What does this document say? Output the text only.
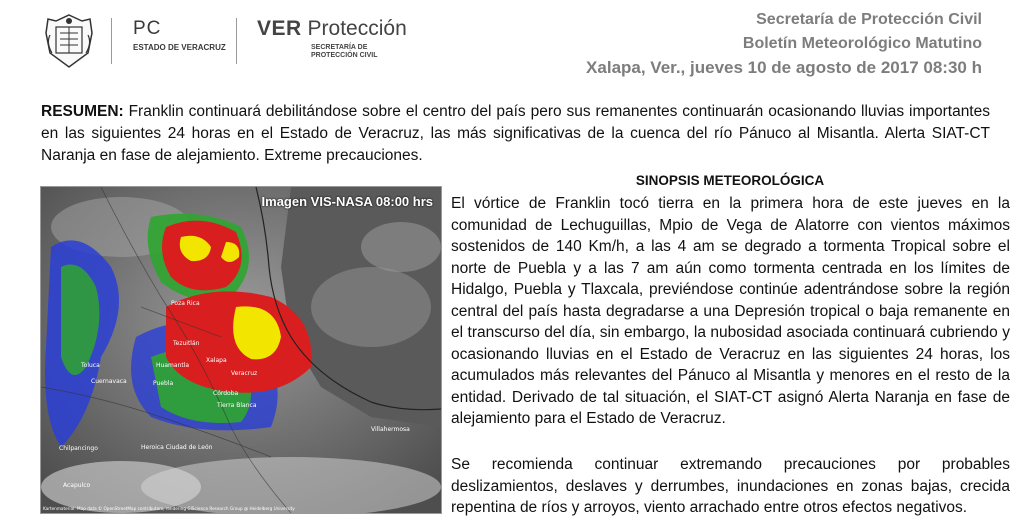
PC
ESTADO DE VERACRUZ
VER Protección
SECRETARÍA DE
PROTECCIÓN CIVIL
Secretaría de Protección Civil
Boletín Meteorológico Matutino
Xalapa, Ver., jueves 10 de agosto de 2017 08:30 h
RESUMEN: Franklin continuará debilitándose sobre el centro del país pero sus remanentes continuarán ocasionando lluvias importantes en las siguientes 24 horas en el Estado de Veracruz, las más significativas de la cuenca del río Pánuco al Misantla. Alerta SIAT-CT Naranja en fase de alejamiento. Extreme precauciones.
Poza Rica
Tezuitlán
Xalapa
Veracruz
Córdoba
Puebla
Toluca
Cuernavaca
Huamantla
Tierra Blanca
Heroica Ciudad de León
Chilpancingo
Acapulco
Villahermosa
Kartenmaterial: Map data © OpenStreetMap contributors, rendering GIScience Research Group @ Heidelberg University
Imagen VIS-NASA 08:00 hrs
SINOPSIS METEOROLÓGICA
El vórtice de Franklin tocó tierra en la primera hora de este jueves en la comunidad de Lechuguillas, Mpio de Vega de Alatorre con vientos máximos sostenidos de 140 Km/h, a las 4 am se degrado a tormenta Tropical sobre el norte de Puebla y a las 7 am aún como tormenta centrada en los límites de Hidalgo, Puebla y Tlaxcala, previéndose continúe adentrándose sobre la región central del país hasta degradarse a una Depresión tropical o baja remanente en el transcurso del día, sin embargo, la nubosidad asociada continuará cubriendo y ocasionando lluvias en el Estado de Veracruz en las siguientes 24 horas, los acumulados más relevantes del Pánuco al Misantla y menores en el resto de la entidad. Derivado de tal situación, el SIAT-CT asignó Alerta Naranja en fase de alejamiento para el Estado de Veracruz.
Se recomienda continuar extremando precauciones por probables deslizamientos, deslaves y derrumbes, inundaciones en zonas bajas, crecida repentina de ríos y arroyos, viento arrachado entre otros efectos negativos.
